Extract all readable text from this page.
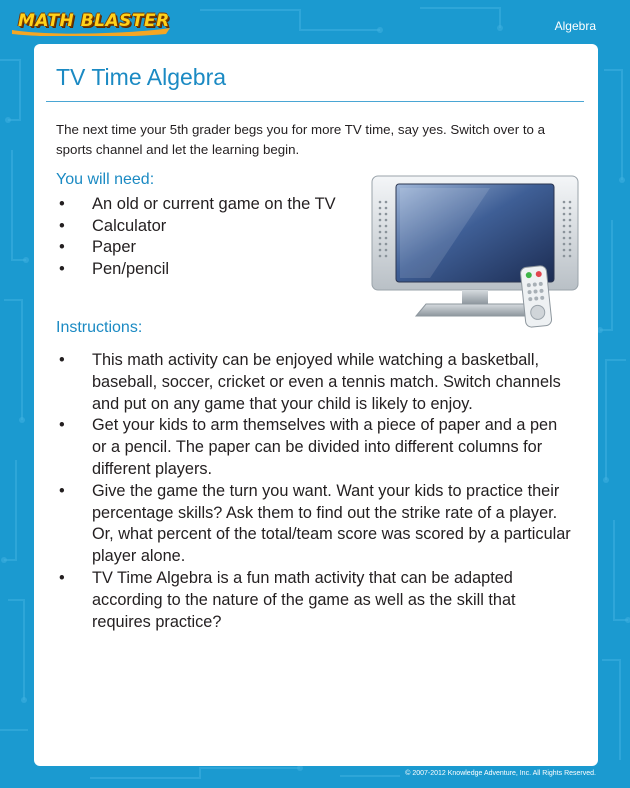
MATH BLASTER	Algebra
TV Time Algebra

The next time your 5th grader begs you for more TV time, say yes. Switch over to a sports channel and let the learning begin.

You will need:
• An old or current game on the TV
• Calculator
• Paper
• Pen/pencil
Instructions:
• This math activity can be enjoyed while watching a basketball, baseball, soccer, cricket or even a tennis match. Switch channels and put on any game that your child is likely to enjoy.
• Get your kids to arm themselves with a piece of paper and a pen or a pencil. The paper can be divided into different columns for different players.
• Give the game the turn you want. Want your kids to practice their percentage skills? Ask them to find out the strike rate of a player. Or, what percent of the total/team score was scored by a particular player alone.
• TV Time Algebra is a fun math activity that can be adapted according to the nature of the game as well as the skill that requires practice?
© 2007-2012 Knowledge Adventure, Inc. All Rights Reserved.
